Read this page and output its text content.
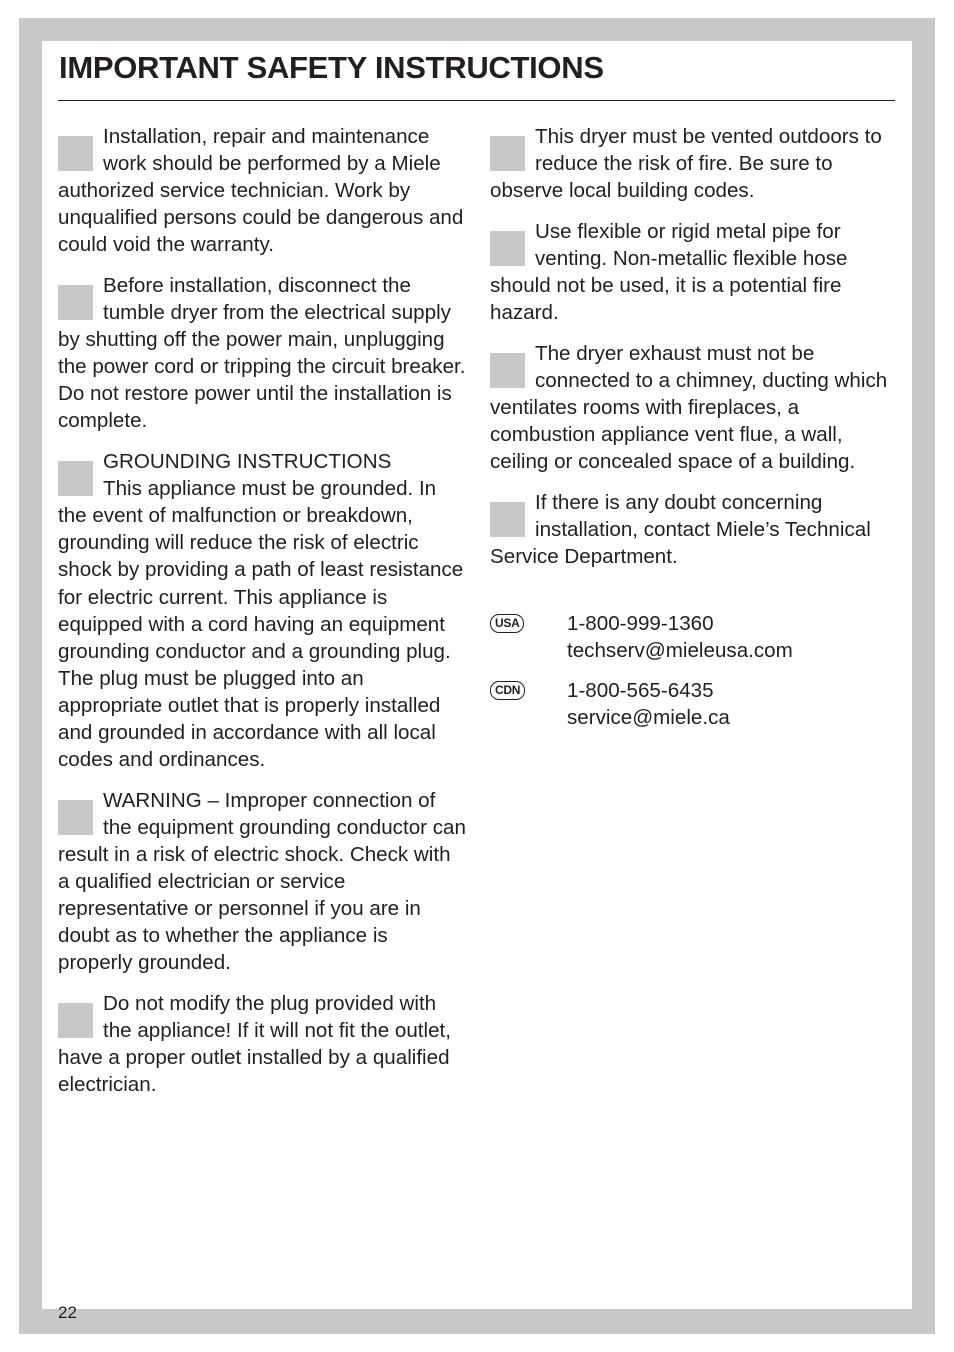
IMPORTANT SAFETY INSTRUCTIONS

Installation, repair and maintenance work should be performed by a Miele authorized service technician. Work by unqualified persons could be dangerous and could void the warranty.

Before installation, disconnect the tumble dryer from the electrical supply by shutting off the power main, unplugging the power cord or tripping the circuit breaker. Do not restore power until the installation is complete.

GROUNDING INSTRUCTIONS
This appliance must be grounded. In the event of malfunction or breakdown, grounding will reduce the risk of electric shock by providing a path of least resistance for electric current. This appliance is equipped with a cord having an equipment grounding conductor and a grounding plug. The plug must be plugged into an appropriate outlet that is properly installed and grounded in accordance with all local codes and ordinances.

WARNING – Improper connection of the equipment grounding conductor can result in a risk of electric shock. Check with a qualified electrician or service representative or personnel if you are in doubt as to whether the appliance is properly grounded.

Do not modify the plug provided with the appliance! If it will not fit the outlet, have a proper outlet installed by a qualified electrician.

This dryer must be vented outdoors to reduce the risk of fire. Be sure to observe local building codes.

Use flexible or rigid metal pipe for venting. Non-metallic flexible hose should not be used, it is a potential fire hazard.

The dryer exhaust must not be connected to a chimney, ducting which ventilates rooms with fireplaces, a combustion appliance vent flue, a wall, ceiling or concealed space of a building.

If there is any doubt concerning installation, contact Miele’s Technical Service Department.

USA 1-800-999-1360
techserv@mieleusa.com
CDN 1-800-565-6435
service@miele.ca
22
